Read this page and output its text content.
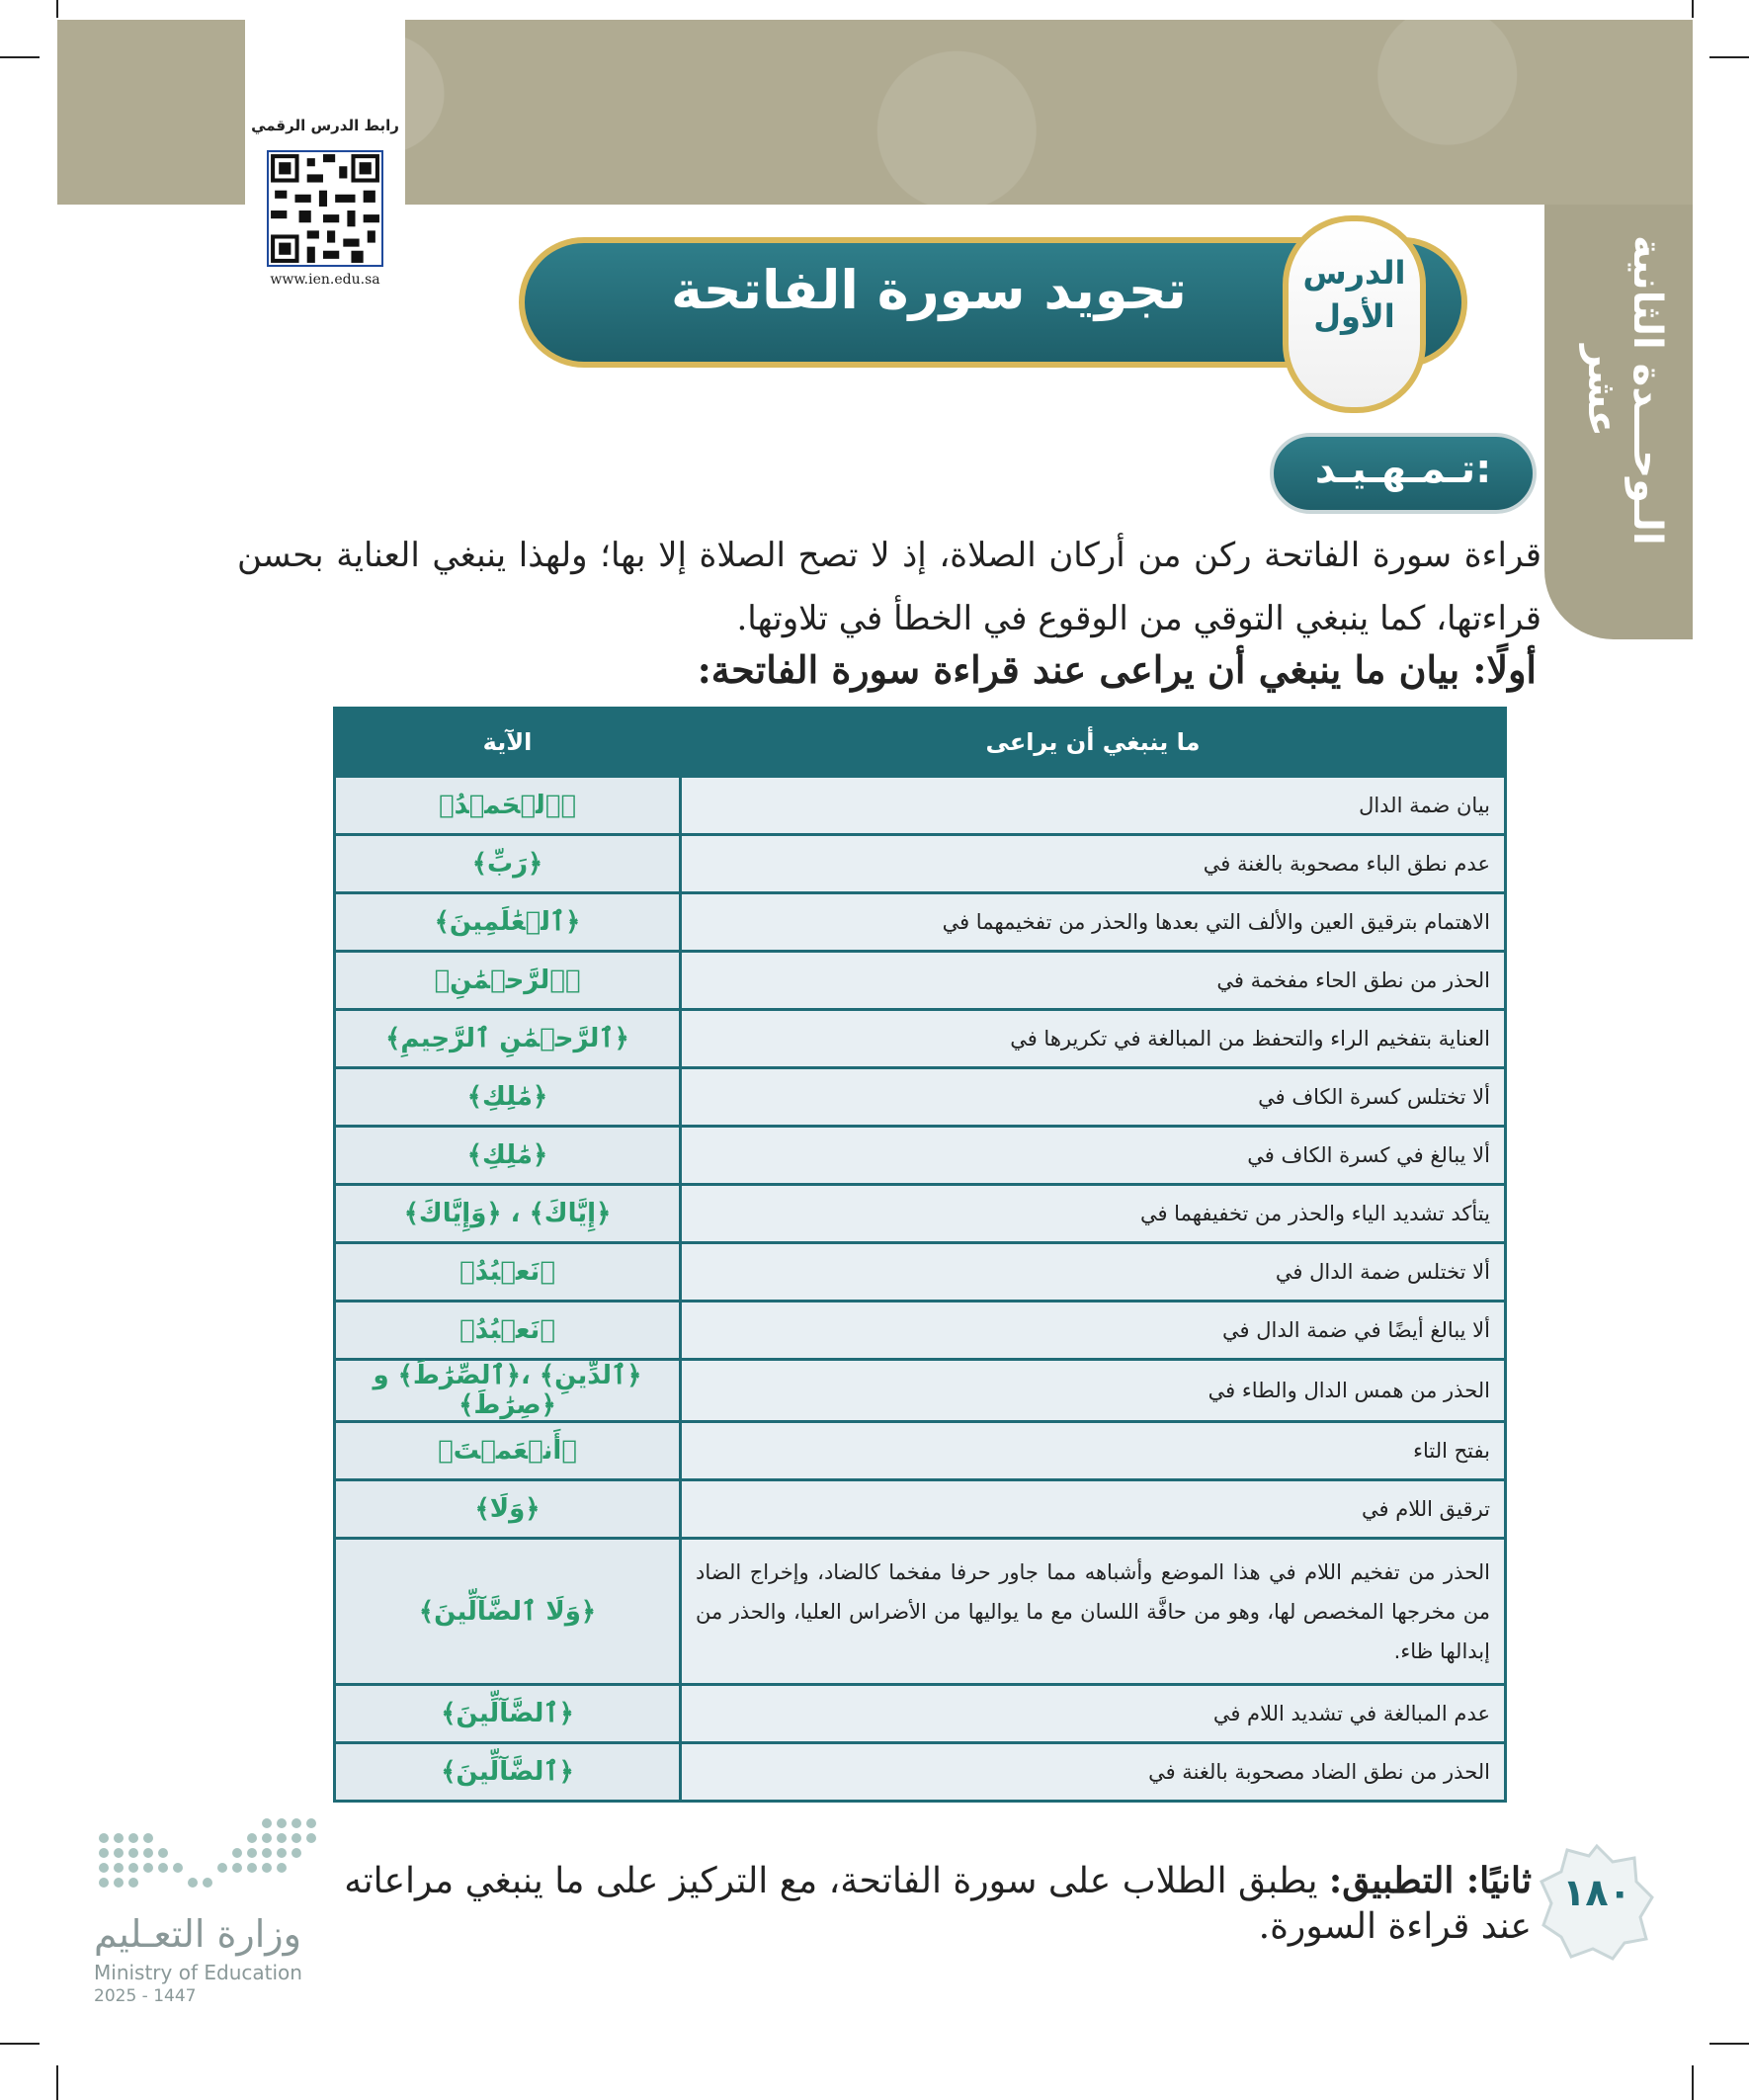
الـوحـــدة الثانية عشر
رابط الدرس الرقمي
www.ien.edu.sa	تجويد سورة الفاتحة	الدرس
الأول
تـمـهـيـد:
قراءة سورة الفاتحة ركن من أركان الصلاة، إذ لا تصح الصلاة إلا بها؛ ولهذا ينبغي العناية بحسن قراءتها، كما ينبغي التوقي من الوقوع في الخطأ في تلاوتها.
أولًا: بيان ما ينبغي أن يراعى عند قراءة سورة الفاتحة:
ما ينبغي أن يراعى	الآية
بيان ضمة الدال	﴿ٱلۡحَمۡدُ﴾
عدم نطق الباء مصحوبة بالغنة في	﴿رَبِّ﴾
الاهتمام بترقيق العين والألف التي بعدها والحذر من تفخيمهما في	﴿ٱلۡعَٰلَمِينَ﴾
الحذر من نطق الحاء مفخمة في	﴿ٱلرَّحۡمَٰنِ﴾
العناية بتفخيم الراء والتحفظ من المبالغة في تكريرها في	﴿ٱلرَّحۡمَٰنِ ٱلرَّحِيمِ﴾
ألا تختلس كسرة الكاف في	﴿مَٰلِكِ﴾
ألا يبالغ في كسرة الكاف في	﴿مَٰلِكِ﴾
يتأكد تشديد الياء والحذر من تخفيفهما في	﴿إِيَّاكَ﴾ ، ﴿وَإِيَّاكَ﴾
ألا تختلس ضمة الدال في	﴿نَعۡبُدُ﴾
ألا يبالغ أيضًا في ضمة الدال في	﴿نَعۡبُدُ﴾
الحذر من همس الدال والطاء في	﴿ٱلدِّينِ﴾ ،﴿ٱلصِّرَٰطَ﴾ و ﴿صِرَٰطَ﴾
بفتح التاء	﴿أَنۡعَمۡتَ﴾
ترقيق اللام في	﴿وَلَا﴾
الحذر من تفخيم اللام في هذا الموضع وأشباهه مما جاور حرفا مفخما كالضاد، وإخراج الضاد من مخرجها المخصص لها، وهو من حافَّة اللسان مع ما يواليها من الأضراس العليا، والحذر من إبدالها ظاء.	﴿وَلَا ٱلضَّآلِّينَ﴾
عدم المبالغة في تشديد اللام في	﴿ٱلضَّآلِّينَ﴾
الحذر من نطق الضاد مصحوبة بالغنة في	﴿ٱلضَّآلِّينَ﴾
ثانيًا: التطبيق: يطبق الطلاب على سورة الفاتحة، مع التركيز على ما ينبغي مراعاته عند قراءة السورة.
١٨٠
وزارة التعـليم
Ministry of Education
2025 - 1447
